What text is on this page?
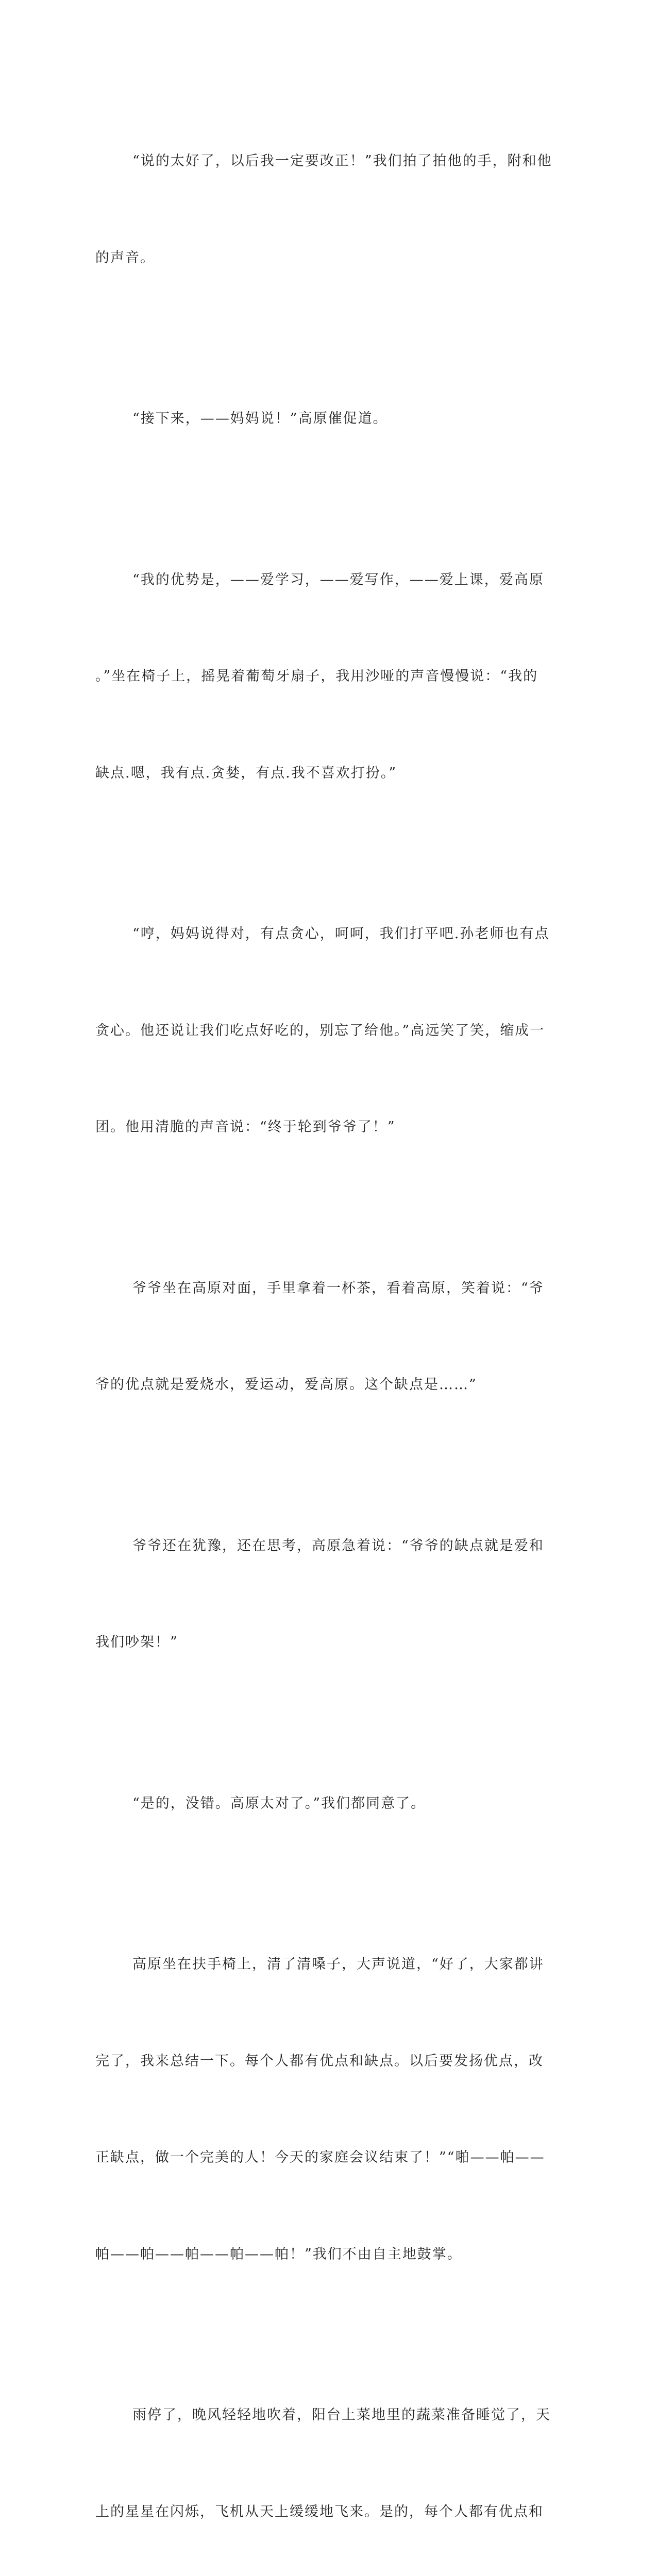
“说的太好了，以后我一定要改正！”我们拍了拍他的手，附和他

的声音。

“接下来，——妈妈说！”高原催促道。

“我的优势是，——爱学习，——爱写作，——爱上课，爱高原

。”坐在椅子上，摇晃着葡萄牙扇子，我用沙哑的声音慢慢说：“我的

缺点.嗯，我有点.贪婪，有点.我不喜欢打扮。”

“哼，妈妈说得对，有点贪心，呵呵，我们打平吧.孙老师也有点

贪心。他还说让我们吃点好吃的，别忘了给他。”高远笑了笑，缩成一

团。他用清脆的声音说：“终于轮到爷爷了！”

爷爷坐在高原对面，手里拿着一杯茶，看着高原，笑着说：“爷

爷的优点就是爱烧水，爱运动，爱高原。这个缺点是……”

爷爷还在犹豫，还在思考，高原急着说：“爷爷的缺点就是爱和

我们吵架！”

“是的，没错。高原太对了。”我们都同意了。

高原坐在扶手椅上，清了清嗓子，大声说道，“好了，大家都讲

完了，我来总结一下。每个人都有优点和缺点。以后要发扬优点，改

正缺点，做一个完美的人！今天的家庭会议结束了！”“啪——帕——

帕——帕——帕——帕——帕！”我们不由自主地鼓掌。

雨停了，晚风轻轻地吹着，阳台上菜地里的蔬菜准备睡觉了，天

上的星星在闪烁，飞机从天上缓缓地飞来。是的，每个人都有优点和
